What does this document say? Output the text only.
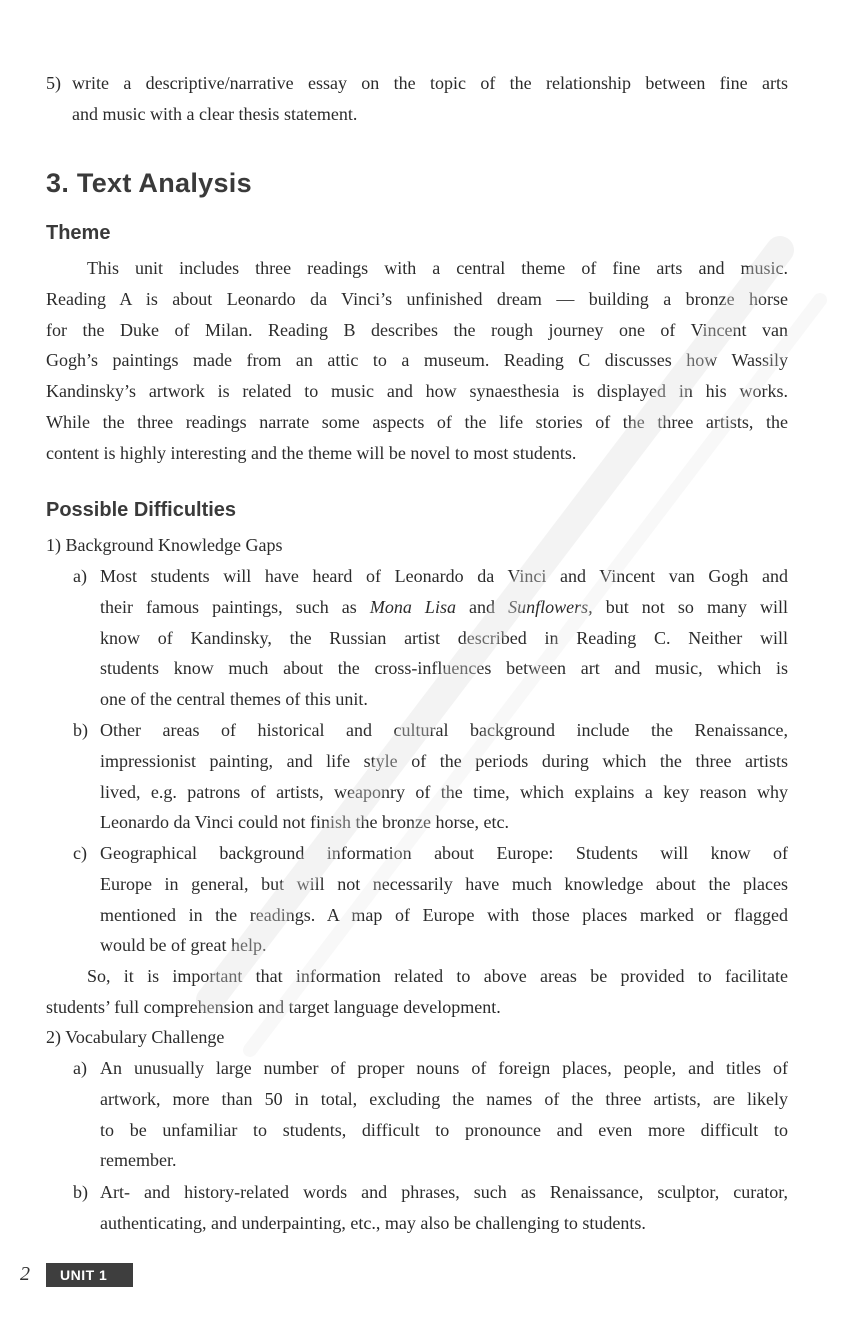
5) write a descriptive/narrative essay on the topic of the relationship between fine arts

and music with a clear thesis statement.

3. Text Analysis
Theme

This unit includes three readings with a central theme of fine arts and music.

Reading A is about Leonardo da Vinci’s unfinished dream — building a bronze horse

for the Duke of Milan. Reading B describes the rough journey one of Vincent van

Gogh’s paintings made from an attic to a museum. Reading C discusses how Wassily

Kandinsky’s artwork is related to music and how synaesthesia is displayed in his works.

While the three readings narrate some aspects of the life stories of the three artists, the

content is highly interesting and the theme will be novel to most students.

Possible Difficulties

1) Background Knowledge Gaps

a) Most students will have heard of Leonardo da Vinci and Vincent van Gogh and

their famous paintings, such as Mona Lisa and Sunflowers, but not so many will

know of Kandinsky, the Russian artist described in Reading C. Neither will

students know much about the cross-influences between art and music, which is

one of the central themes of this unit.

b) Other areas of historical and cultural background include the Renaissance,

impressionist painting, and life style of the periods during which the three artists

lived, e.g. patrons of artists, weaponry of the time, which explains a key reason why

Leonardo da Vinci could not finish the bronze horse, etc.

c) Geographical background information about Europe: Students will know of

Europe in general, but will not necessarily have much knowledge about the places

mentioned in the readings. A map of Europe with those places marked or flagged

would be of great help.

So, it is important that information related to above areas be provided to facilitate

students’ full comprehension and target language development.

2) Vocabulary Challenge

a) An unusually large number of proper nouns of foreign places, people, and titles of

artwork, more than 50 in total, excluding the names of the three artists, are likely

to be unfamiliar to students, difficult to pronounce and even more difficult to

remember.

b) Art- and history-related words and phrases, such as Renaissance, sculptor, curator,

authenticating, and underpainting, etc., may also be challenging to students.

2	UNIT 1
